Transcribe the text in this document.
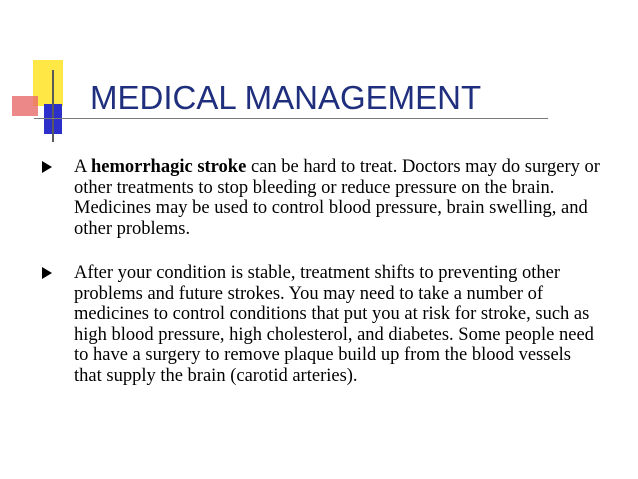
MEDICAL MANAGEMENT
A hemorrhagic stroke can be hard to treat. Doctors may do surgery or other treatments to stop bleeding or reduce pressure on the brain. Medicines may be used to control blood pressure, brain swelling, and other problems.
After your condition is stable, treatment shifts to preventing other problems and future strokes. You may need to take a number of medicines to control conditions that put you at risk for stroke, such as high blood pressure, high cholesterol, and diabetes. Some people need to have a surgery to remove plaque build up from the blood vessels that supply the brain (carotid arteries).
